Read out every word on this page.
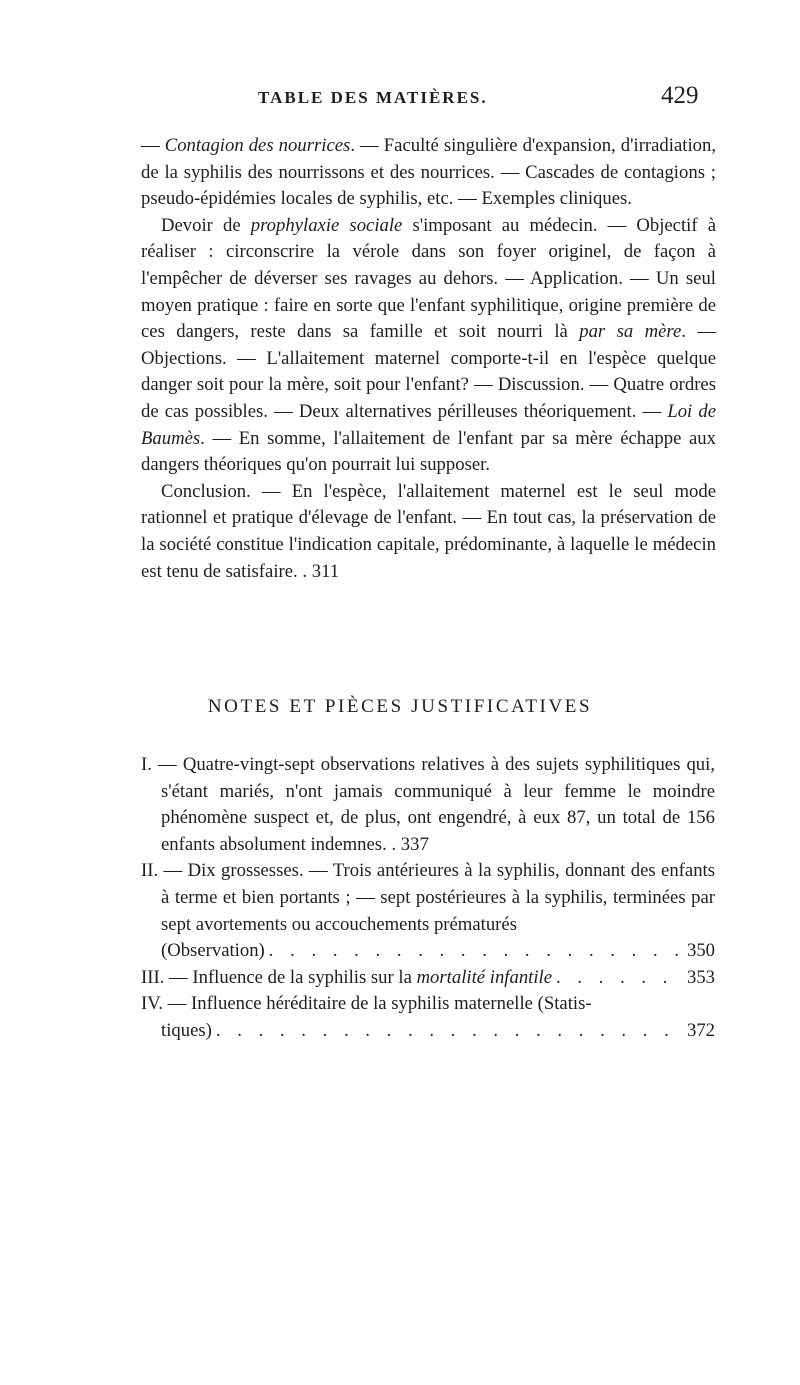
TABLE DES MATIÈRES.	429

— Contagion des nourrices. — Faculté singulière d'expansion, d'irradiation, de la syphilis des nourrissons et des nourrices. — Cascades de contagions ; pseudo-épidémies locales de syphilis, etc. — Exemples cliniques.

Devoir de prophylaxie sociale s'imposant au médecin. — Objectif à réaliser : circonscrire la vérole dans son foyer originel, de façon à l'empêcher de déverser ses ravages au dehors. — Application. — Un seul moyen pratique : faire en sorte que l'enfant syphilitique, origine première de ces dangers, reste dans sa famille et soit nourri là par sa mère. — Objections. — L'allaitement maternel comporte-t-il en l'espèce quelque danger soit pour la mère, soit pour l'enfant? — Discussion. — Quatre ordres de cas possibles. — Deux alternatives périlleuses théoriquement. — Loi de Baumès. — En somme, l'allaitement de l'enfant par sa mère échappe aux dangers théoriques qu'on pourrait lui supposer.

Conclusion. — En l'espèce, l'allaitement maternel est le seul mode rationnel et pratique d'élevage de l'enfant. — En tout cas, la préservation de la société constitue l'indication capitale, prédominante, à laquelle le médecin est tenu de satisfaire. . 311

NOTES ET PIÈCES JUSTIFICATIVES

I. — Quatre-vingt-sept observations relatives à des sujets syphilitiques qui, s'étant mariés, n'ont jamais communiqué à leur femme le moindre phénomène suspect et, de plus, ont engendré, à eux 87, un total de 156 enfants absolument indemnes. . 337

II. — Dix grossesses. — Trois antérieures à la syphilis, donnant des enfants à terme et bien portants ; — sept postérieures à la syphilis, terminées par sept avortements ou accouchements prématurés
(Observation) . . .	350
III. — Influence de la syphilis sur la mortalité infantile . . .	353
IV. — Influence héréditaire de la syphilis maternelle (Statis-
tiques) . . .	372
